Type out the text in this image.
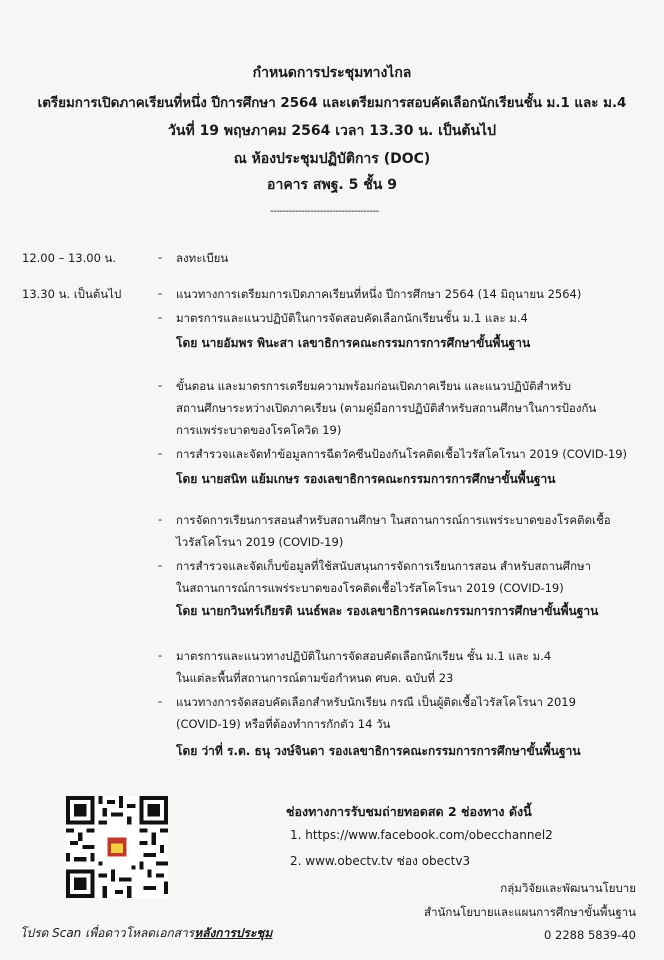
กำหนดการประชุมทางไกล
เตรียมการเปิดภาคเรียนที่หนึ่ง ปีการศึกษา 2564 และเตรียมการสอบคัดเลือกนักเรียนชั้น ม.1 และ ม.4
วันที่ 19 พฤษภาคม 2564 เวลา 13.30 น. เป็นต้นไป
ณ ห้องประชุมปฏิบัติการ (DOC)
อาคาร สพฐ. 5 ชั้น 9
-----------------------------------
12.00 – 13.00 น.	- ลงทะเบียน
13.30 น. เป็นต้นไป	- แนวทางการเตรียมการเปิดภาคเรียนที่หนึ่ง ปีการศึกษา 2564 (14 มิถุนายน 2564)
- มาตรการและแนวปฏิบัติในการจัดสอบคัดเลือกนักเรียนชั้น ม.1 และ ม.4
โดย นายอัมพร พินะสา เลขาธิการคณะกรรมการการศึกษาขั้นพื้นฐาน
- ขั้นตอน และมาตรการเตรียมความพร้อมก่อนเปิดภาคเรียน และแนวปฏิบัติสำหรับ
สถานศึกษาระหว่างเปิดภาคเรียน (ตามคู่มือการปฏิบัติสำหรับสถานศึกษาในการป้องกัน
การแพร่ระบาดของโรคโควิด 19)
- การสำรวจและจัดทำข้อมูลการฉีดวัคซีนป้องกันโรคติดเชื้อไวรัสโคโรนา 2019 (COVID-19)
โดย นายสนิท แย้มเกษร รองเลขาธิการคณะกรรมการการศึกษาขั้นพื้นฐาน
- การจัดการเรียนการสอนสำหรับสถานศึกษา ในสถานการณ์การแพร่ระบาดของโรคติดเชื้อ
ไวรัสโคโรนา 2019 (COVID-19)
- การสำรวจและจัดเก็บข้อมูลที่ใช้สนับสนุนการจัดการเรียนการสอน สำหรับสถานศึกษา
ในสถานการณ์การแพร่ระบาดของโรคติดเชื้อไวรัสโคโรนา 2019 (COVID-19)
โดย นายกวินทร์เกียรติ นนธ์พละ รองเลขาธิการคณะกรรมการการศึกษาขั้นพื้นฐาน
- มาตรการและแนวทางปฏิบัติในการจัดสอบคัดเลือกนักเรียน ชั้น ม.1 และ ม.4
ในแต่ละพื้นที่สถานการณ์ตามข้อกำหนด ศบค. ฉบับที่ 23
- แนวทางการจัดสอบคัดเลือกสำหรับนักเรียน กรณี เป็นผู้ติดเชื้อไวรัสโคโรนา 2019
(COVID-19) หรือที่ต้องทำการกักตัว 14 วัน
โดย ว่าที่ ร.ต. ธนุ วงษ์จินดา รองเลขาธิการคณะกรรมการการศึกษาขั้นพื้นฐาน
โปรด Scan เพื่อดาวโหลดเอกสารหลังการประชุม
ช่องทางการรับชมถ่ายทอดสด 2 ช่องทาง ดังนี้
1. https://www.facebook.com/obecchannel2
2. www.obectv.tv ช่อง obectv3
กลุ่มวิจัยและพัฒนานโยบาย
สำนักนโยบายและแผนการศึกษาขั้นพื้นฐาน
0 2288 5839-40
